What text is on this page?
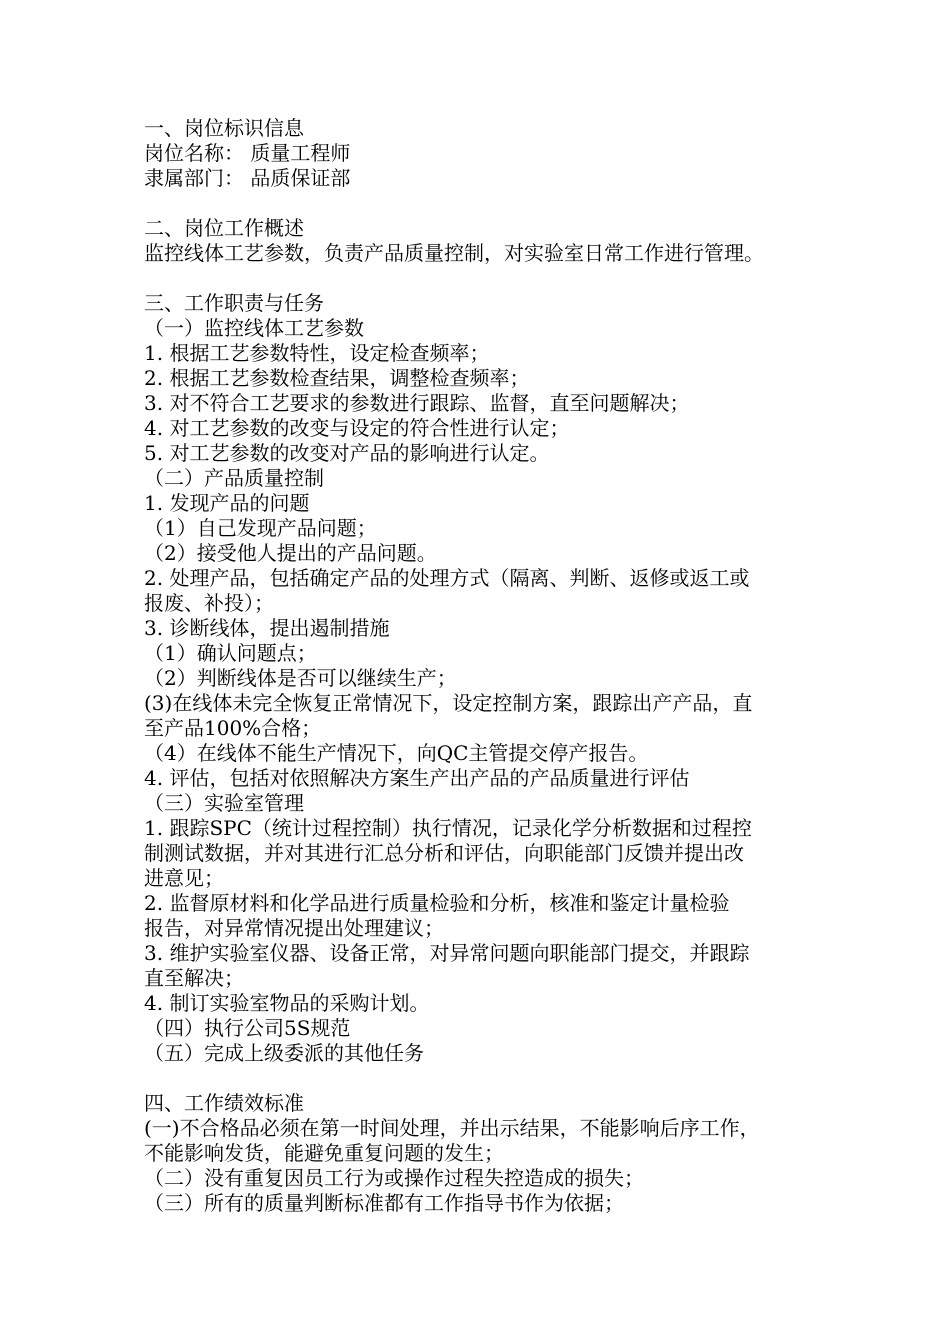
一、岗位标识信息
岗位名称： 质量工程师
隶属部门： 品质保证部
二、岗位工作概述
监控线体工艺参数，负责产品质量控制，对实验室日常工作进行管理。
三、工作职责与任务
（一）监控线体工艺参数
1. 根据工艺参数特性，设定检查频率；
2. 根据工艺参数检查结果，调整检查频率；
3. 对不符合工艺要求的参数进行跟踪、监督，直至问题解决；
4. 对工艺参数的改变与设定的符合性进行认定；
5. 对工艺参数的改变对产品的影响进行认定。
（二）产品质量控制
1. 发现产品的问题
（1）自己发现产品问题；
（2）接受他人提出的产品问题。
2. 处理产品，包括确定产品的处理方式（隔离、判断、返修或返工或
报废、补投）；
3. 诊断线体，提出遏制措施
（1）确认问题点；
（2）判断线体是否可以继续生产；
(3)在线体未完全恢复正常情况下，设定控制方案，跟踪出产产品，直
至产品100%合格；
（4）在线体不能生产情况下，向QC主管提交停产报告。
4. 评估，包括对依照解决方案生产出产品的产品质量进行评估
（三）实验室管理
1. 跟踪SPC（统计过程控制）执行情况，记录化学分析数据和过程控
制测试数据，并对其进行汇总分析和评估，向职能部门反馈并提出改
进意见；
2. 监督原材料和化学品进行质量检验和分析，核准和鉴定计量检验
报告，对异常情况提出处理建议；
3. 维护实验室仪器、设备正常，对异常问题向职能部门提交，并跟踪
直至解决；
4. 制订实验室物品的采购计划。
（四）执行公司5S规范
（五）完成上级委派的其他任务
四、工作绩效标准
(一)不合格品必须在第一时间处理，并出示结果，不能影响后序工作，
不能影响发货，能避免重复问题的发生；
（二）没有重复因员工行为或操作过程失控造成的损失；
（三）所有的质量判断标准都有工作指导书作为依据；
